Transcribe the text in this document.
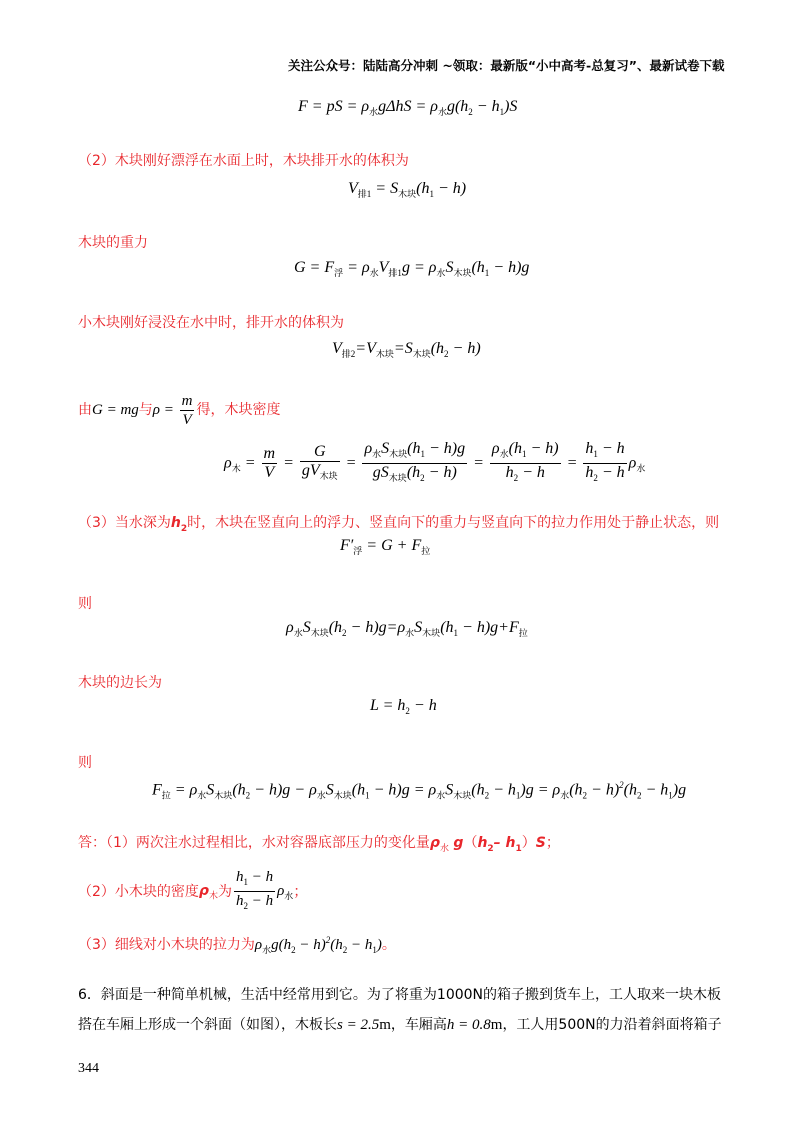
关注公众号：陆陆高分冲刺 ~领取：最新版“小中高考-总复习”、最新试卷下载
F = pS = $\rho_水g\Delta hS = \rho_水g(h_2 - h_1)S$
（2）木块刚好漂浮在水面上时，木块排开水的体积为
$V_{排1} = S_{木块}(h_1 - h)$
木块的重力
$G = F_浮 = \rho_水V_{排1}g = \rho_水S_{木块}(h_1 - h)g$
小木块刚好浸没在水中时，排开水的体积为
$V_{排2}=V_{木块}=S_{木块}(h_2 - h)$
由G = mg与$\rho = \frac{m}{V}$ 得，木块密度
$\rho_木 = \frac{m}{V} = \frac{G}{gV_{木块}} = \frac{\rho_水S_{木块}(h_1 - h)g}{gS_{木块}(h_2 - h)} = \frac{\rho_水(h_1 - h)}{h_2 - h} = \frac{h_1 - h}{h_2 - h} \rho_水$
（3）当水深为$h_2$时，木块在竖直向上的浮力、竖直向下的重力与竖直向下的拉力作用处于静止状态，则
$F'_浮 = G + F_拉$
则
$\rho_水S_{木块}(h_2 - h)g=\rho_水S_{木块}(h_1 - h)g+F_拉$
木块的边长为
$L = h_2 - h$
则
$F_拉 = \rho_水S_{木块}(h_2 - h)g - \rho_水S_{木块}(h_1 - h)g = \rho_水S_{木块}(h_2 - h_1)g = \rho_水(h_2 - h)^2(h_2 - h_1)g$
答：（1）两次注水过程相比，水对容器底部压力的变化量$\rho_水$ $g(h_2-$ $h_1)S$；
（2）小木块的密度$\rho_木$为 $\frac{h_1 - h}{h_2 - h} \rho_水$；
（3）细线对小木块的拉力为$\rho_水g(h_2 - h)^2(h_2 - h_1)$。
6．斜面是一种简单机械，生活中经常用到它。为了将重为1000N的箱子搬到货车上，工人取来一块木板
搭在车厢上形成一个斜面（如图），木板长s = 2.5m，车厢高h = 0.8m，工人用500N的力沿着斜面将箱子
344
